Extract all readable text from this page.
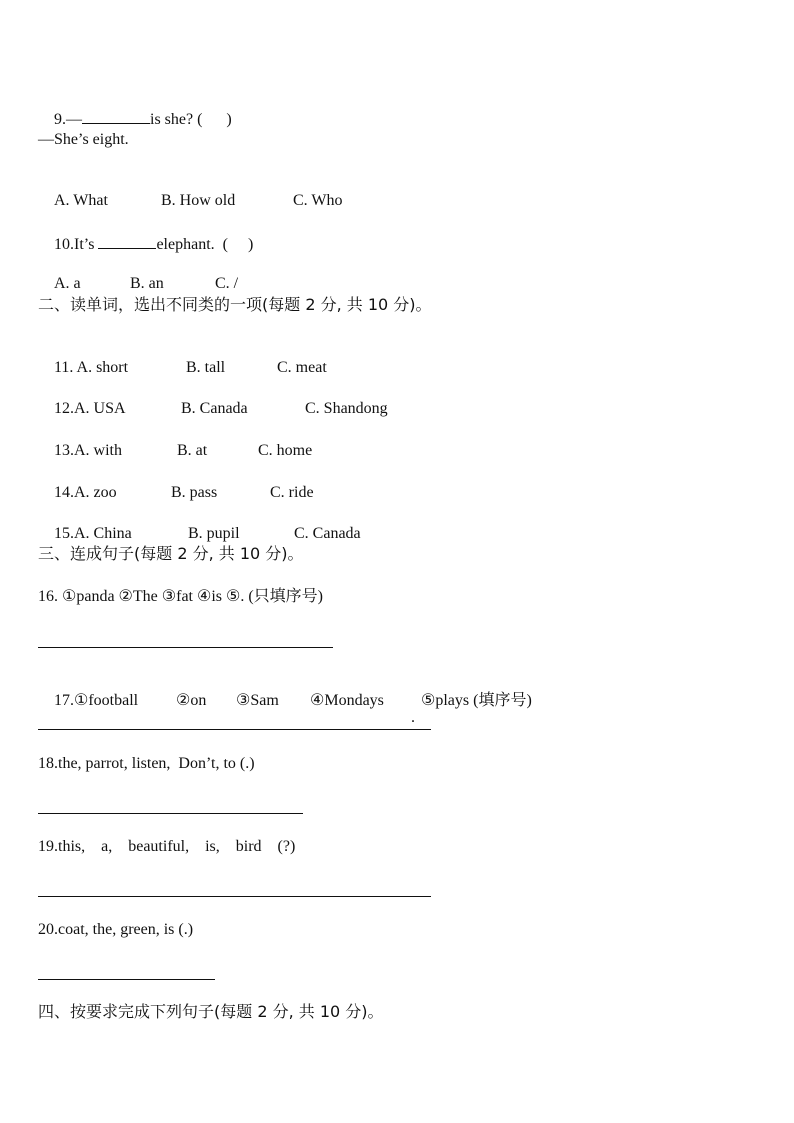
9.—	is she? (      )

—She’s eight.

A. What	B. How old	C. Who

10.It’s	elephant.  (     )

A. a	B. an	C. /

二、读单词，选出不同类的一项(每题 2 分, 共 10 分)。

11. A. short	B. tall	C. meat

12.A. USA	B. Canada	C. Shandong

13.A. with	B. at	C. home

14.A. zoo	B. pass	C. ride

15.A. China	B. pupil	C. Canada

三、连成句子(每题 2 分, 共 10 分)。
16. ①panda ②The ③fat ④is ⑤. (只填序号)

17.①football ②on ③Sam ④Mondays ⑤plays (填序号)

.
18.the, parrot, listen,  Don’t, to (.)
19.this,    a,    beautiful,    is,    bird    (?)
20.coat, the, green, is (.)
四、按要求完成下列句子(每题 2 分, 共 10 分)。
